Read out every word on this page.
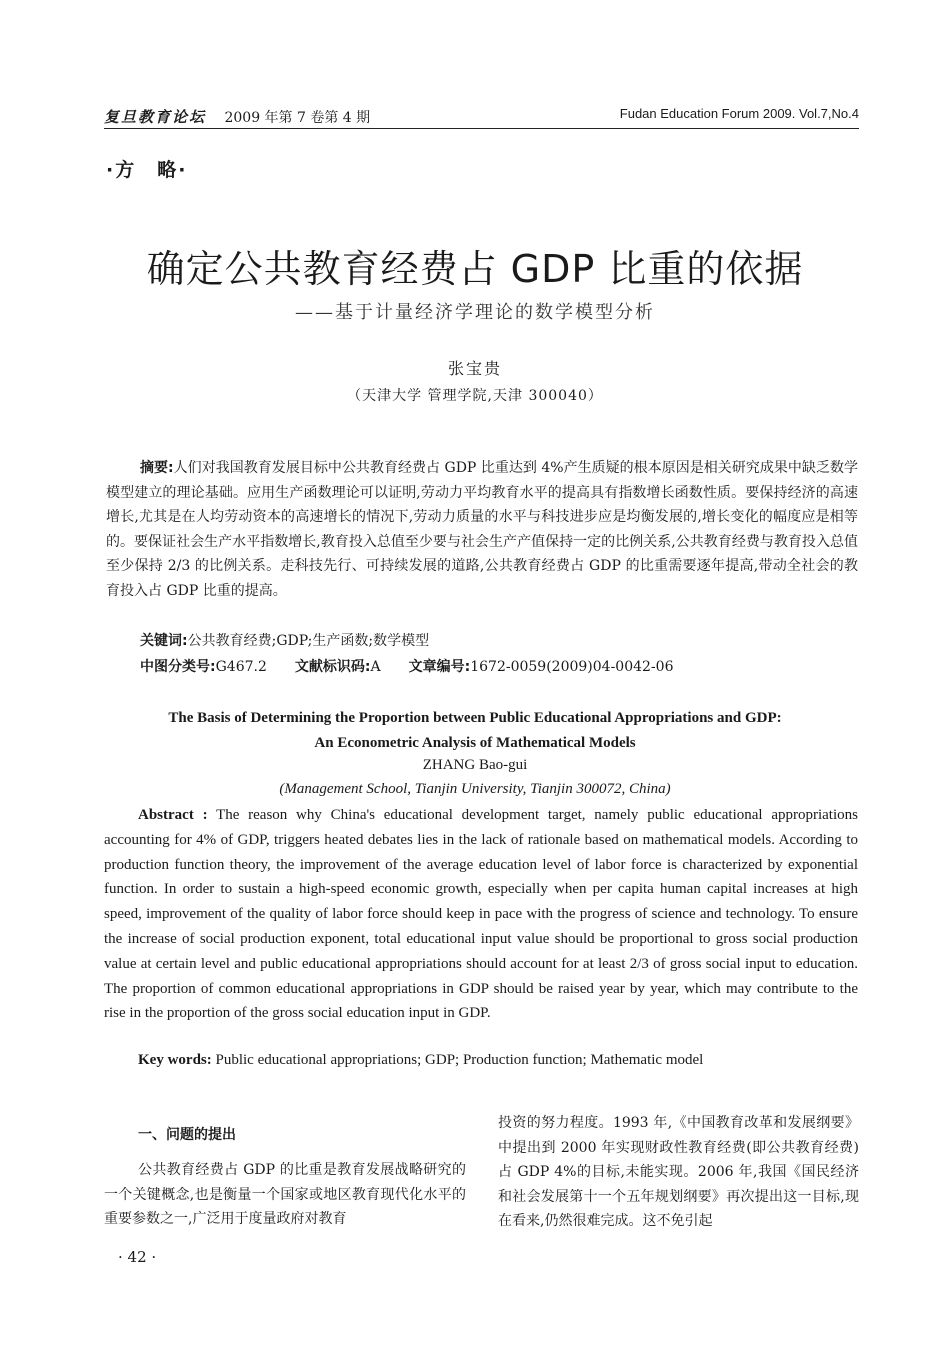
复旦教育论坛 2009 年第 7 卷第 4 期	Fudan Education Forum 2009. Vol.7,No.4
·方　略·
确定公共教育经费占 GDP 比重的依据
——基于计量经济学理论的数学模型分析
张宝贵
（天津大学 管理学院,天津 300040）
摘要:人们对我国教育发展目标中公共教育经费占 GDP 比重达到 4%产生质疑的根本原因是相关研究成果中缺乏数学模型建立的理论基础。应用生产函数理论可以证明,劳动力平均教育水平的提高具有指数增长函数性质。要保持经济的高速增长,尤其是在人均劳动资本的高速增长的情况下,劳动力质量的水平与科技进步应是均衡发展的,增长变化的幅度应是相等的。要保证社会生产水平指数增长,教育投入总值至少要与社会生产产值保持一定的比例关系,公共教育经费与教育投入总值至少保持 2/3 的比例关系。走科技先行、可持续发展的道路,公共教育经费占 GDP 的比重需要逐年提高,带动全社会的教育投入占 GDP 比重的提高。
关键词:公共教育经费;GDP;生产函数;数学模型
中图分类号:G467.2 文献标识码:A 文章编号:1672-0059(2009)04-0042-06
The Basis of Determining the Proportion between Public Educational Appropriations and GDP:
An Econometric Analysis of Mathematical Models
ZHANG Bao-gui
(Management School, Tianjin University, Tianjin 300072, China)
Abstract : The reason why China's educational development target, namely public educational appropriations accounting for 4% of GDP, triggers heated debates lies in the lack of rationale based on mathematical models. According to production function theory, the improvement of the average education level of labor force is characterized by exponential function. In order to sustain a high-speed economic growth, especially when per capita human capital increases at high speed, improvement of the quality of labor force should keep in pace with the progress of science and technology. To ensure the increase of social production exponent, total educational input value should be proportional to gross social production value at certain level and public educational appropriations should account for at least 2/3 of gross social input to education. The proportion of common educational appropriations in GDP should be raised year by year, which may contribute to the rise in the proportion of the gross social education input in GDP.
Key words: Public educational appropriations; GDP; Production function; Mathematic model
一、问题的提出
公共教育经费占 GDP 的比重是教育发展战略研究的一个关键概念,也是衡量一个国家或地区教育现代化水平的重要参数之一,广泛用于度量政府对教育
投资的努力程度。1993 年,《中国教育改革和发展纲要》中提出到 2000 年实现财政性教育经费(即公共教育经费)占 GDP 4%的目标,未能实现。2006 年,我国《国民经济和社会发展第十一个五年规划纲要》再次提出这一目标,现在看来,仍然很难完成。这不免引起
· 42 ·
